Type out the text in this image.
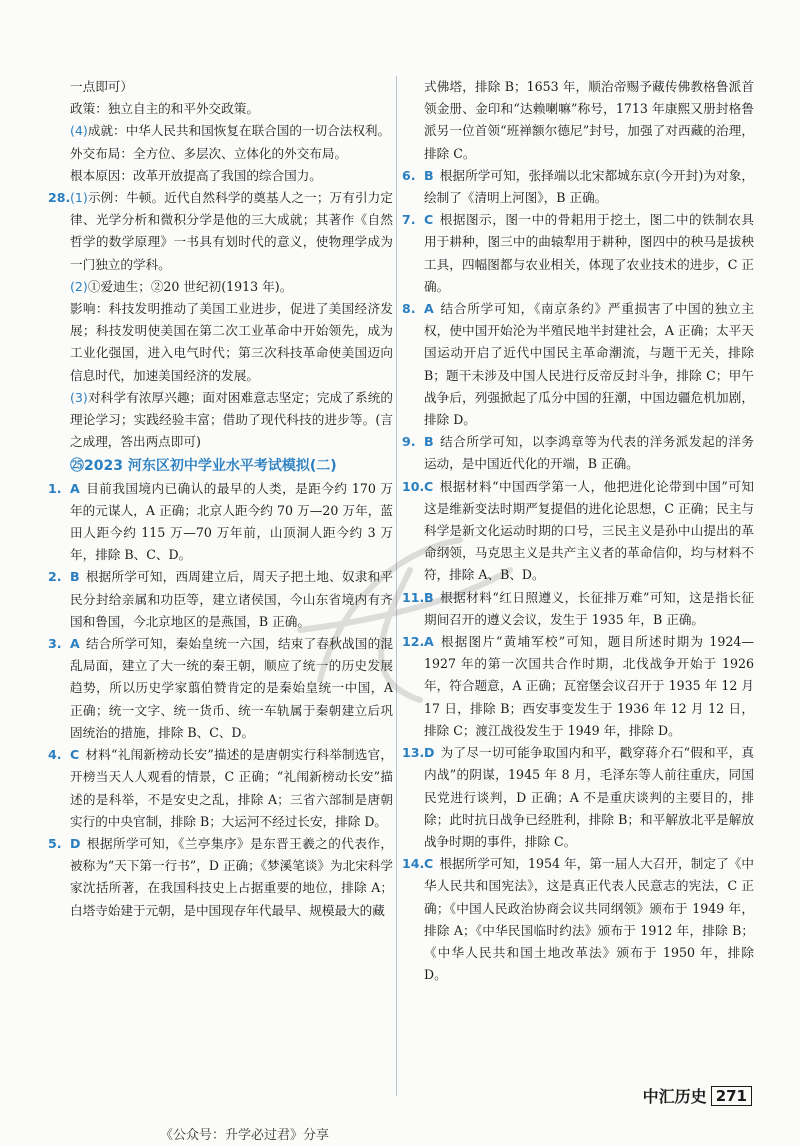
一点即可）
政策：独立自主的和平外交政策。
(4)成就：中华人民共和国恢复在联合国的一切合法权利。
外交布局：全方位、多层次、立体化的外交布局。
根本原因：改革开放提高了我国的综合国力。
28. (1)示例：牛顿。近代自然科学的奠基人之一；万有引力定律、光学分析和微积分学是他的三大成就；其著作《自然哲学的数学原理》一书具有划时代的意义，使物理学成为一门独立的学科。
(2)①爱迪生；②20 世纪初(1913 年)。
影响：科技发明推动了美国工业进步，促进了美国经济发展；科技发明使美国在第二次工业革命中开始领先，成为工业化强国，进入电气时代；第三次科技革命使美国迈向信息时代，加速美国经济的发展。
(3)对科学有浓厚兴趣；面对困难意志坚定；完成了系统的理论学习；实践经验丰富；借助了现代科技的进步等。(言之成理，答出两点即可)
㉕2023 河东区初中学业水平考试模拟(二)
1. A 目前我国境内已确认的最早的人类，是距今约 170 万年的元谋人，A 正确；北京人距今约 70 万—20 万年，蓝田人距今约 115 万—70 万年前，山顶洞人距今约 3 万年，排除 B、C、D。
2. B 根据所学可知，西周建立后，周天子把土地、奴隶和平民分封给亲属和功臣等，建立诸侯国，今山东省境内有齐国和鲁国，今北京地区的是燕国，B 正确。
3. A 结合所学可知，秦始皇统一六国，结束了春秋战国的混乱局面，建立了大一统的秦王朝，顺应了统一的历史发展趋势，所以历史学家翦伯赞肯定的是秦始皇统一中国，A 正确；统一文字、统一货币、统一车轨属于秦朝建立后巩固统治的措施，排除 B、C、D。
4. C 材料“礼闱新榜动长安”描述的是唐朝实行科举制选官，开榜当天人人观看的情景，C 正确；“礼闱新榜动长安”描述的是科举，不是安史之乱，排除 A；三省六部制是唐朝实行的中央官制，排除 B；大运河不经过长安，排除 D。
5. D 根据所学可知，《兰亭集序》是东晋王羲之的代表作，被称为“天下第一行书”，D 正确；《梦溪笔谈》为北宋科学家沈括所著，在我国科技史上占据重要的地位，排除 A；白塔寺始建于元朝，是中国现存年代最早、规模最大的藏
式佛塔，排除 B；1653 年，顺治帝赐予藏传佛教格鲁派首领金册、金印和“达赖喇嘛”称号，1713 年康熙又册封格鲁派另一位首领“班禅额尔德尼”封号，加强了对西藏的治理，排除 C。
6. B 根据所学可知，张择端以北宋都城东京(今开封)为对象，绘制了《清明上河图》，B 正确。
7. C 根据图示，图一中的骨耜用于挖土，图二中的铁制农具用于耕种，图三中的曲辕犁用于耕种，图四中的秧马是拔秧工具，四幅图都与农业相关，体现了农业技术的进步，C 正确。
8. A 结合所学可知，《南京条约》严重损害了中国的独立主权，使中国开始沦为半殖民地半封建社会，A 正确；太平天国运动开启了近代中国民主革命潮流，与题干无关，排除 B；题干未涉及中国人民进行反帝反封斗争，排除 C；甲午战争后，列强掀起了瓜分中国的狂潮，中国边疆危机加剧，排除 D。
9. B 结合所学可知，以李鸿章等为代表的洋务派发起的洋务运动，是中国近代化的开端，B 正确。
10. C 根据材料“中国西学第一人，他把进化论带到中国”可知这是维新变法时期严复提倡的进化论思想，C 正确；民主与科学是新文化运动时期的口号，三民主义是孙中山提出的革命纲领，马克思主义是共产主义者的革命信仰，均与材料不符，排除 A、B、D。
11. B 根据材料“红日照遵义，长征排万难”可知，这是指长征期间召开的遵义会议，发生于 1935 年，B 正确。
12. A 根据图片“黄埔军校”可知，题目所述时期为 1924—1927 年的第一次国共合作时期，北伐战争开始于 1926 年，符合题意，A 正确；瓦窑堡会议召开于 1935 年 12 月 17 日，排除 B；西安事变发生于 1936 年 12 月 12 日，排除 C；渡江战役发生于 1949 年，排除 D。
13. D 为了尽一切可能争取国内和平，戳穿蒋介石“假和平，真内战”的阴谋，1945 年 8 月，毛泽东等人前往重庆，同国民党进行谈判，D 正确；A 不是重庆谈判的主要目的，排除；此时抗日战争已经胜利，排除 B；和平解放北平是解放战争时期的事件，排除 C。
14. C 根据所学可知，1954 年，第一届人大召开，制定了《中华人民共和国宪法》，这是真正代表人民意志的宪法，C 正确；《中国人民政治协商会议共同纲领》颁布于 1949 年，排除 A；《中华民国临时约法》颁布于 1912 年，排除 B；《中华人民共和国土地改革法》颁布于 1950 年，排除 D。
中汇历史 271
《公众号：升学必过君》分享
